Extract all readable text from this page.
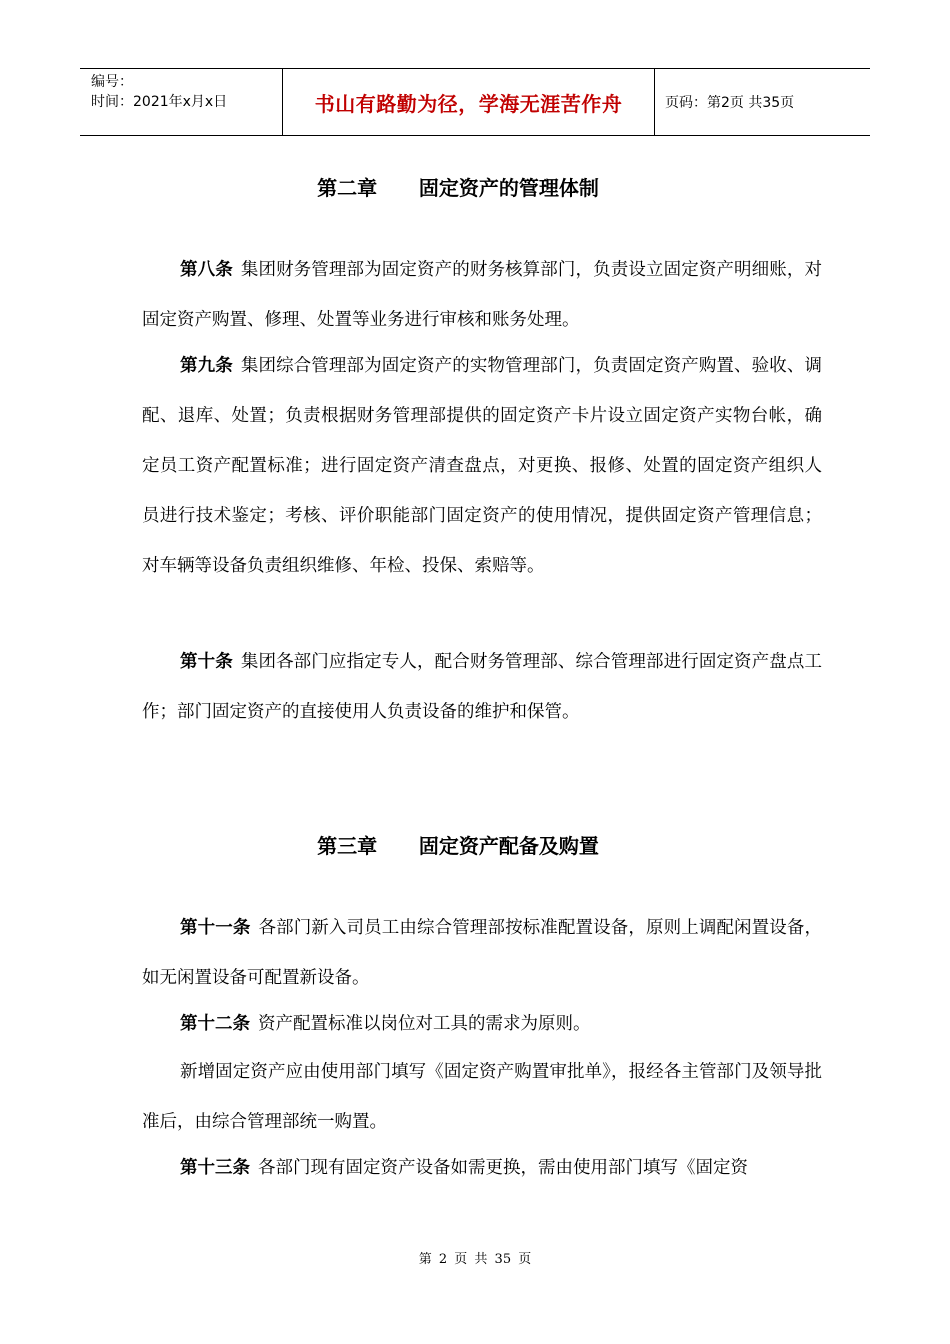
编号：
时间：2021年x月x日	书山有路勤为径，学海无涯苦作舟	页码：第2页 共35页
第二章      固定资产的管理体制
第八条 集团财务管理部为固定资产的财务核算部门，负责设立固定资产明细账，对固定资产购置、修理、处置等业务进行审核和账务处理。
第九条 集团综合管理部为固定资产的实物管理部门，负责固定资产购置、验收、调配、退库、处置；负责根据财务管理部提供的固定资产卡片设立固定资产实物台帐，确定员工资产配置标准；进行固定资产清查盘点，对更换、报修、处置的固定资产组织人员进行技术鉴定；考核、评价职能部门固定资产的使用情况，提供固定资产管理信息；对车辆等设备负责组织维修、年检、投保、索赔等。
第十条 集团各部门应指定专人，配合财务管理部、综合管理部进行固定资产盘点工作；部门固定资产的直接使用人负责设备的维护和保管。
第三章      固定资产配备及购置
第十一条 各部门新入司员工由综合管理部按标准配置设备，原则上调配闲置设备，如无闲置设备可配置新设备。
第十二条 资产配置标准以岗位对工具的需求为原则。
新增固定资产应由使用部门填写《固定资产购置审批单》，报经各主管部门及领导批准后，由综合管理部统一购置。
第十三条 各部门现有固定资产设备如需更换，需由使用部门填写《固定资
第 2 页 共 35 页
